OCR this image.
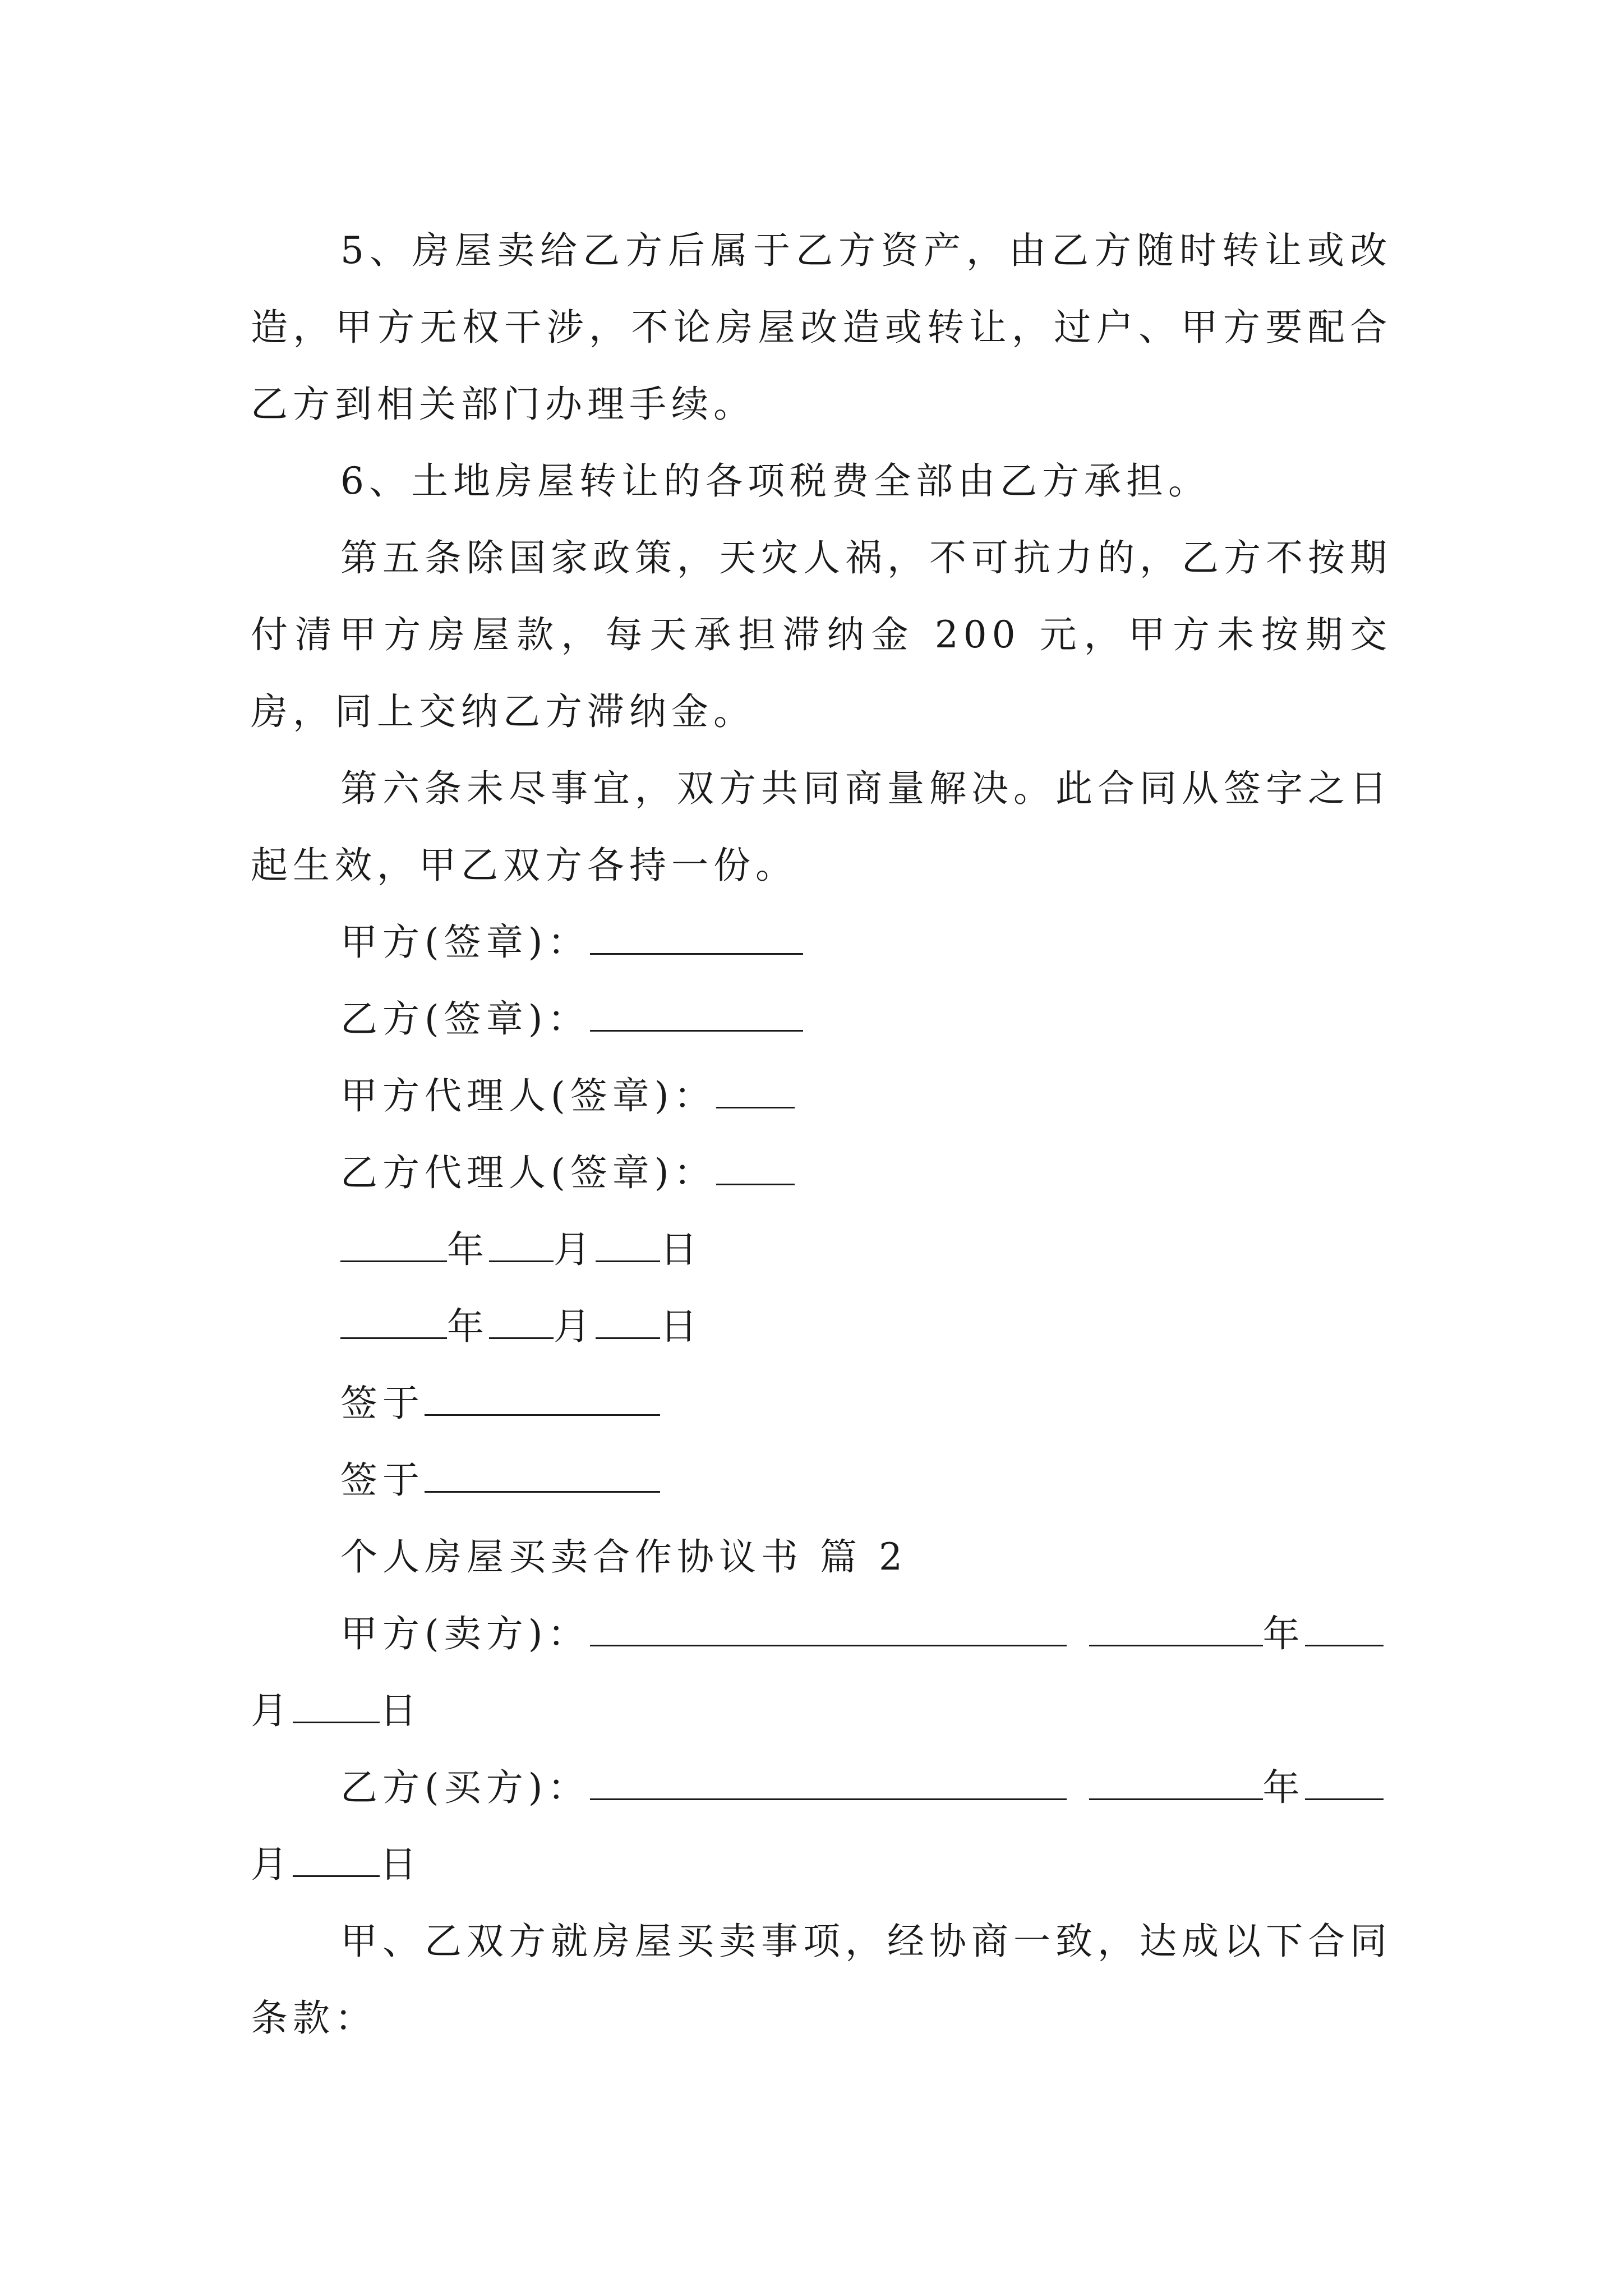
5、房屋卖给乙方后属于乙方资产，由乙方随时转让或改造，甲方无权干涉，不论房屋改造或转让，过户、甲方要配合乙方到相关部门办理手续。

6、土地房屋转让的各项税费全部由乙方承担。

第五条除国家政策，天灾人祸，不可抗力的，乙方不按期付清甲方房屋款，每天承担滞纳金 200 元，甲方未按期交房，同上交纳乙方滞纳金。

第六条未尽事宜，双方共同商量解决。此合同从签字之日起生效，甲乙双方各持一份。

甲方(签章)：
乙方(签章)：
甲方代理人(签章)：
乙方代理人(签章)：
年 月 日
年 月 日
签于
签于
个人房屋买卖合作协议书 篇 2
甲方(卖方)：	年
月 日
乙方(买方)：	年
月 日

甲、乙双方就房屋买卖事项，经协商一致，达成以下合同条款：
